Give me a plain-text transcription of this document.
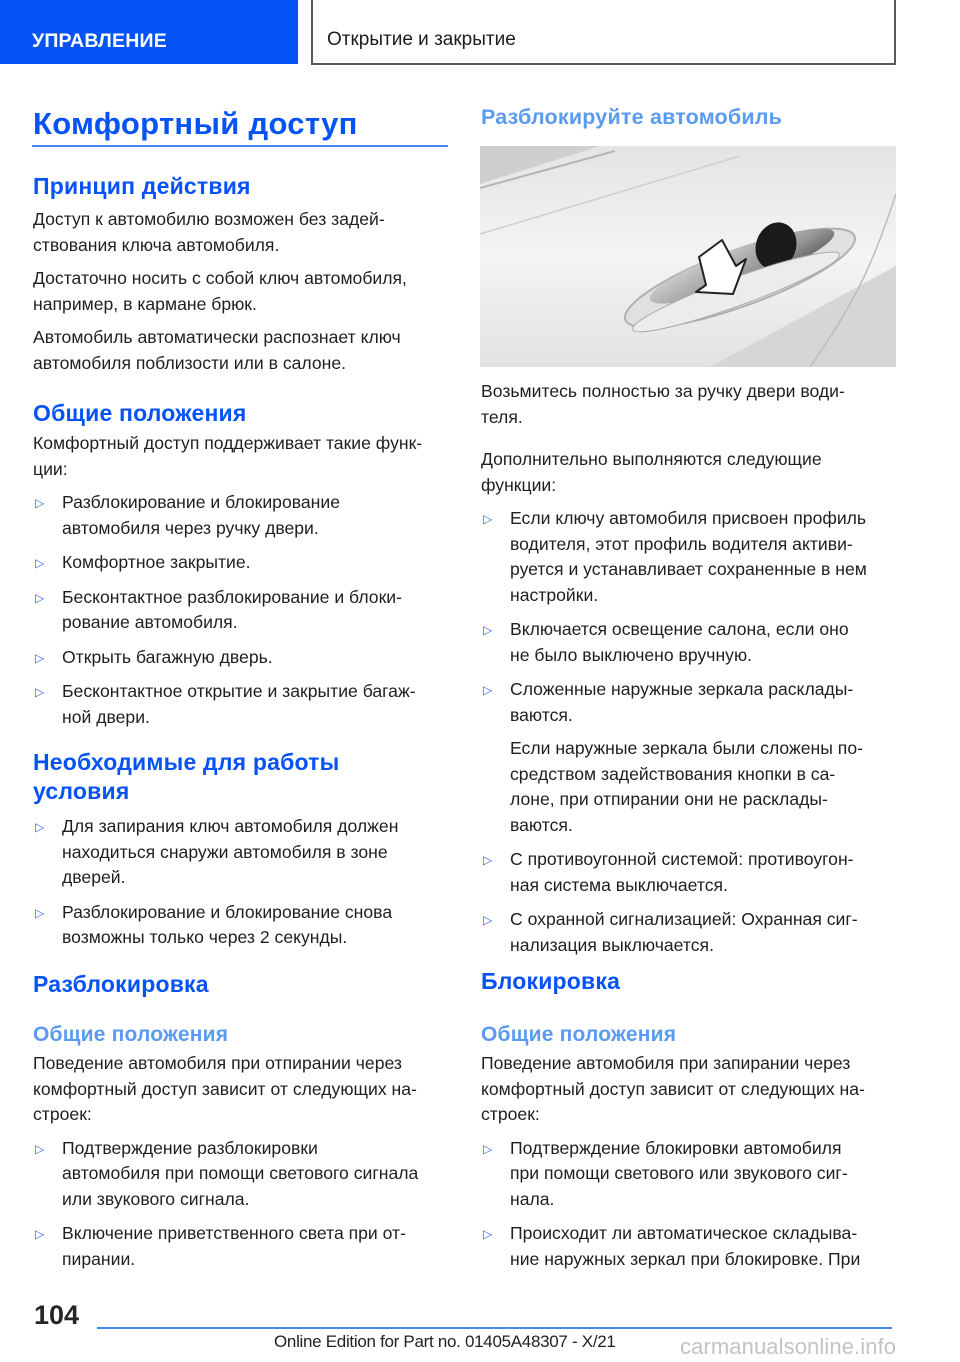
УПРАВЛЕНИЕ	Открытие и закрытие
Комфортный доступ
Принцип действия

Доступ к автомобилю возможен без задей-
ствования ключа автомобиля.

Достаточно носить с собой ключ автомобиля,
например, в кармане брюк.

Автомобиль автоматически распознает ключ
автомобиля поблизости или в салоне.

Общие положения

Комфортный доступ поддерживает такие функ-
ции:

▷ Разблокирование и блокирование
автомобиля через ручку двери.
▷ Комфортное закрытие.
▷ Бесконтактное разблокирование и блоки-
рование автомобиля.
▷ Открыть багажную дверь.
▷ Бесконтактное открытие и закрытие багаж-
ной двери.
Необходимые для работы
условия
▷ Для запирания ключ автомобиля должен
находиться снаружи автомобиля в зоне
дверей.
▷ Разблокирование и блокирование снова
возможны только через 2 секунды.
Разблокировка
Общие положения

Поведение автомобиля при отпирании через
комфортный доступ зависит от следующих на-
строек:

▷ Подтверждение разблокировки
автомобиля при помощи светового сигнала
или звукового сигнала.
▷ Включение приветственного света при от-
пирании.
Разблокируйте автомобиль

Возьмитесь полностью за ручку двери води-
теля.

Дополнительно выполняются следующие
функции:

▷ Если ключу автомобиля присвоен профиль
водителя, этот профиль водителя активи-
руется и устанавливает сохраненные в нем
настройки.
▷ Включается освещение салона, если оно
не было выключено вручную.
▷ Сложенные наружные зеркала расклады-
ваются.
Если наружные зеркала были сложены по-
средством задействования кнопки в са-
лоне, при отпирании они не расклады-
ваются.
▷ С противоугонной системой: противоугон-
ная система выключается.
▷ С охранной сигнализацией: Охранная сиг-
нализация выключается.
Блокировка
Общие положения

Поведение автомобиля при запирании через
комфортный доступ зависит от следующих на-
строек:

▷ Подтверждение блокировки автомобиля
при помощи светового или звукового сиг-
нала.
▷ Происходит ли автоматическое складыва-
ние наружных зеркал при блокировке. При
104
Online Edition for Part no. 01405A48307 - X/21	carmanualsonline.info
